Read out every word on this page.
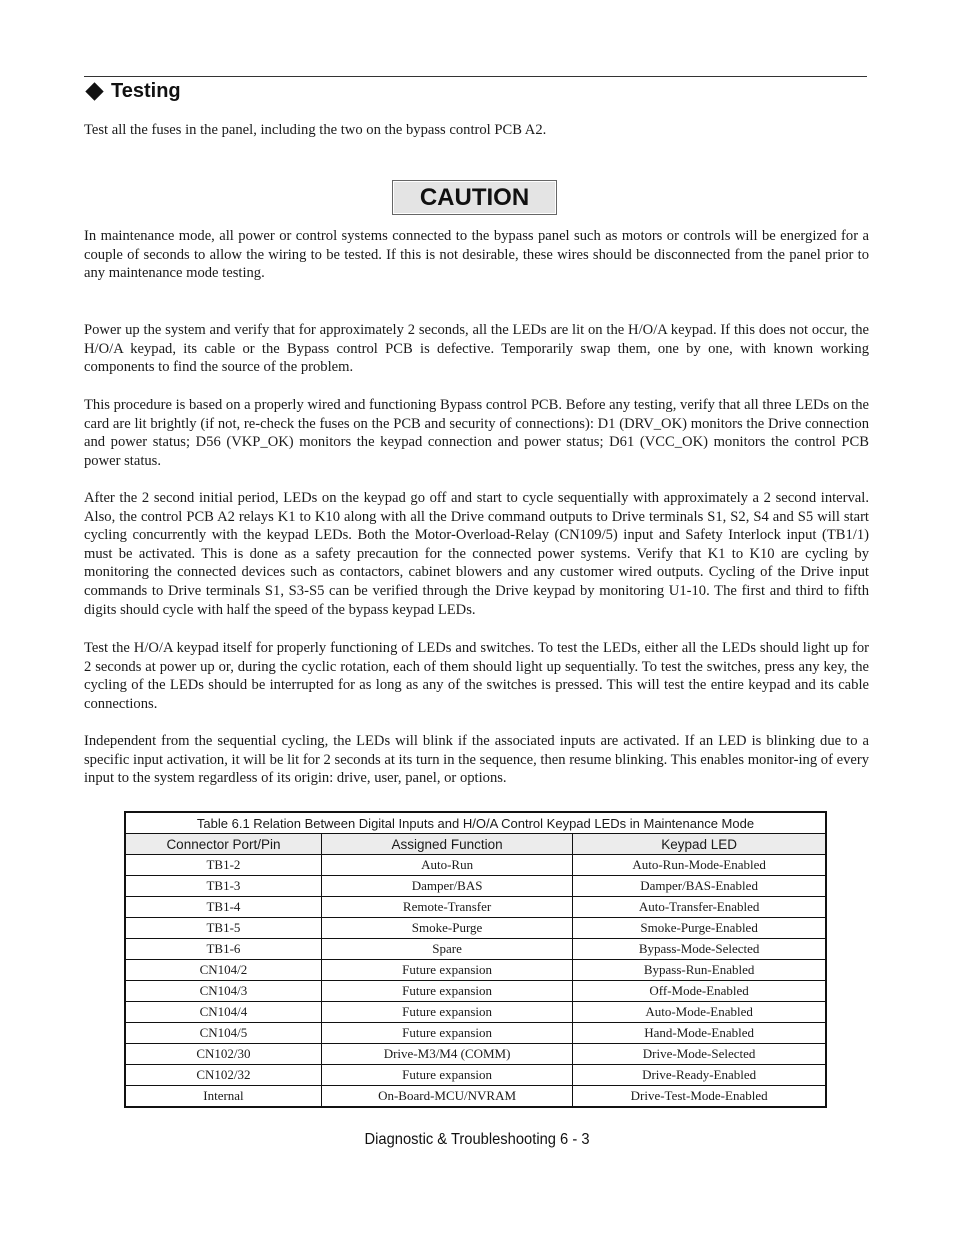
Testing

Test all the fuses in the panel, including the two on the bypass control PCB A2.

CAUTION

In maintenance mode, all power or control systems connected to the bypass panel such as motors or controls will be energized for a couple of seconds to allow the wiring to be tested. If this is not desirable, these wires should be disconnected from the panel prior to any maintenance mode testing.

Power up the system and verify that for approximately 2 seconds, all the LEDs are lit on the H/O/A keypad. If this does not occur, the H/O/A keypad, its cable or the Bypass control PCB is defective. Temporarily swap them, one by one, with known working components to find the source of the problem.

This procedure is based on a properly wired and functioning Bypass control PCB. Before any testing, verify that all three LEDs on the card are lit brightly (if not, re-check the fuses on the PCB and security of connections): D1 (DRV_OK) monitors the Drive connection and power status; D56 (VKP_OK) monitors the keypad connection and power status; D61 (VCC_OK) monitors the control PCB power status.

After the 2 second initial period, LEDs on the keypad go off and start to cycle sequentially with approximately a 2 second interval. Also, the control PCB A2 relays K1 to K10 along with all the Drive command outputs to Drive terminals S1, S2, S4 and S5 will start cycling concurrently with the keypad LEDs. Both the Motor-Overload-Relay (CN109/5) input and Safety Interlock input (TB1/1) must be activated. This is done as a safety precaution for the connected power systems. Verify that K1 to K10 are cycling by monitoring the connected devices such as contactors, cabinet blowers and any customer wired outputs. Cycling of the Drive input commands to Drive terminals S1, S3-S5 can be verified through the Drive keypad by monitoring U1-10. The first and third to fifth digits should cycle with half the speed of the bypass keypad LEDs.

Test the H/O/A keypad itself for properly functioning of LEDs and switches. To test the LEDs, either all the LEDs should light up for 2 seconds at power up or, during the cyclic rotation, each of them should light up sequentially. To test the switches, press any key, the cycling of the LEDs should be interrupted for as long as any of the switches is pressed. This will test the entire keypad and its cable connections.

Independent from the sequential cycling, the LEDs will blink if the associated inputs are activated. If an LED is blinking due to a specific input activation, it will be lit for 2 seconds at its turn in the sequence, then resume blinking. This enables monitor-ing of every input to the system regardless of its origin: drive, user, panel, or options.

Table 6.1 Relation Between Digital Inputs and H/O/A Control Keypad LEDs in Maintenance Mode		
Connector Port/Pin	Assigned Function	Keypad LED
TB1-2	Auto-Run	Auto-Run-Mode-Enabled
TB1-3	Damper/BAS	Damper/BAS-Enabled
TB1-4	Remote-Transfer	Auto-Transfer-Enabled
TB1-5	Smoke-Purge	Smoke-Purge-Enabled
TB1-6	Spare	Bypass-Mode-Selected
CN104/2	Future expansion	Bypass-Run-Enabled
CN104/3	Future expansion	Off-Mode-Enabled
CN104/4	Future expansion	Auto-Mode-Enabled
CN104/5	Future expansion	Hand-Mode-Enabled
CN102/30	Drive-M3/M4 (COMM)	Drive-Mode-Selected
CN102/32	Future expansion	Drive-Ready-Enabled
Internal	On-Board-MCU/NVRAM	Drive-Test-Mode-Enabled
Diagnostic & Troubleshooting 6 - 3
